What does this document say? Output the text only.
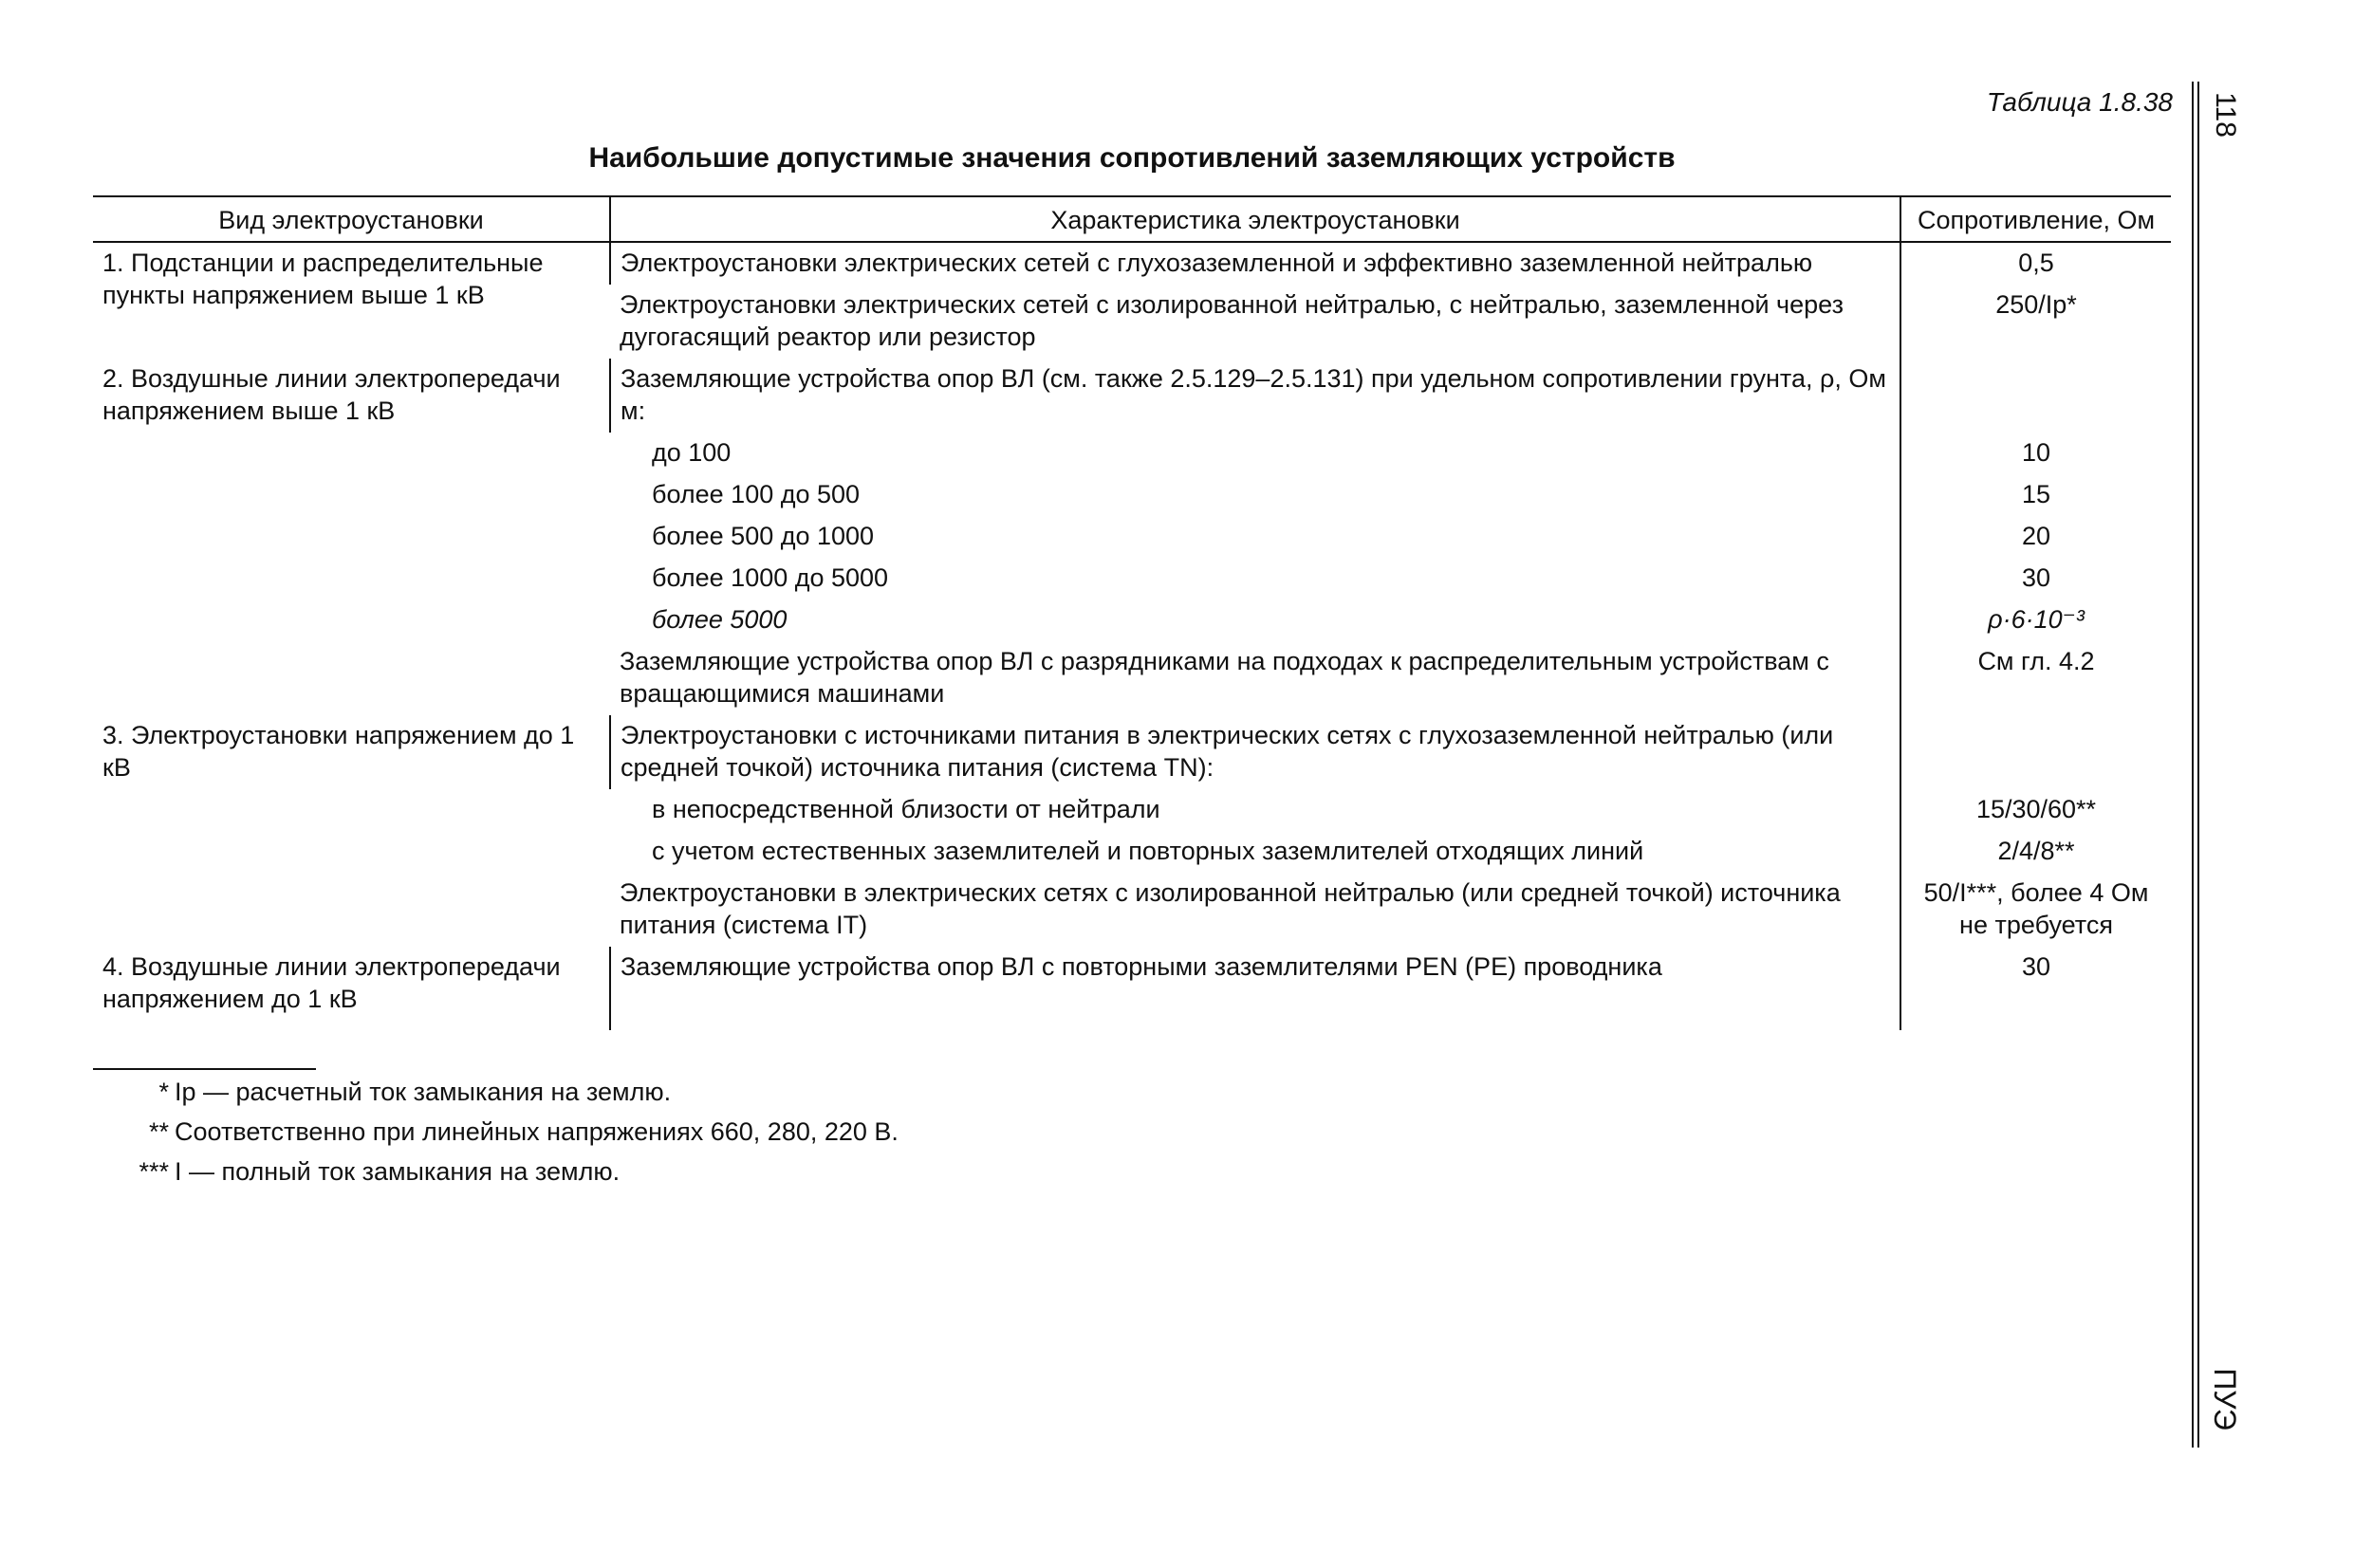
Таблица 1.8.38
Наибольшие допустимые значения сопротивлений заземляющих устройств
118
ПУЭ
Вид электроустановки	Характеристика электроустановки	Сопротивление, Ом
1. Подстанции и распределительные пункты напряжением выше 1 кВ	Электроустановки электрических сетей с глухозаземленной и эффективно заземленной нейтралью	0,5
	Электроустановки электрических сетей с изолированной нейтралью, с нейтралью, заземленной через дугогасящий реактор или резистор	250/Iр*
2. Воздушные линии электропередачи напряжением выше 1 кВ	Заземляющие устройства опор ВЛ (см. также 2.5.129–2.5.131) при удельном сопротивлении грунта, ρ, Ом м:	
	до 100	10
	более 100 до 500	15
	более 500 до 1000	20
	более 1000 до 5000	30
	более 5000	ρ·6·10⁻³
	Заземляющие устройства опор ВЛ с разрядниками на подходах к распределительным устройствам с вращающимися машинами	См гл. 4.2
3. Электроустановки напряжением до 1 кВ	Электроустановки с источниками питания в электрических сетях с глухозаземленной нейтралью (или средней точкой) источника питания (система TN):	
	в непосредственной близости от нейтрали	15/30/60**
	с учетом естественных заземлителей и повторных заземлителей отходящих линий	2/4/8**
	Электроустановки в электрических сетях с изолированной нейтралью (или средней точкой) источника питания (система IT)	50/I***, более 4 Ом не требуется
4. Воздушные линии электропередачи напряжением до 1 кВ	Заземляющие устройства опор ВЛ с повторными заземлителями PEN (PE) проводника	30
* Iр — расчетный ток замыкания на землю.
** Соответственно при линейных напряжениях 660, 280, 220 В.
*** I — полный ток замыкания на землю.
